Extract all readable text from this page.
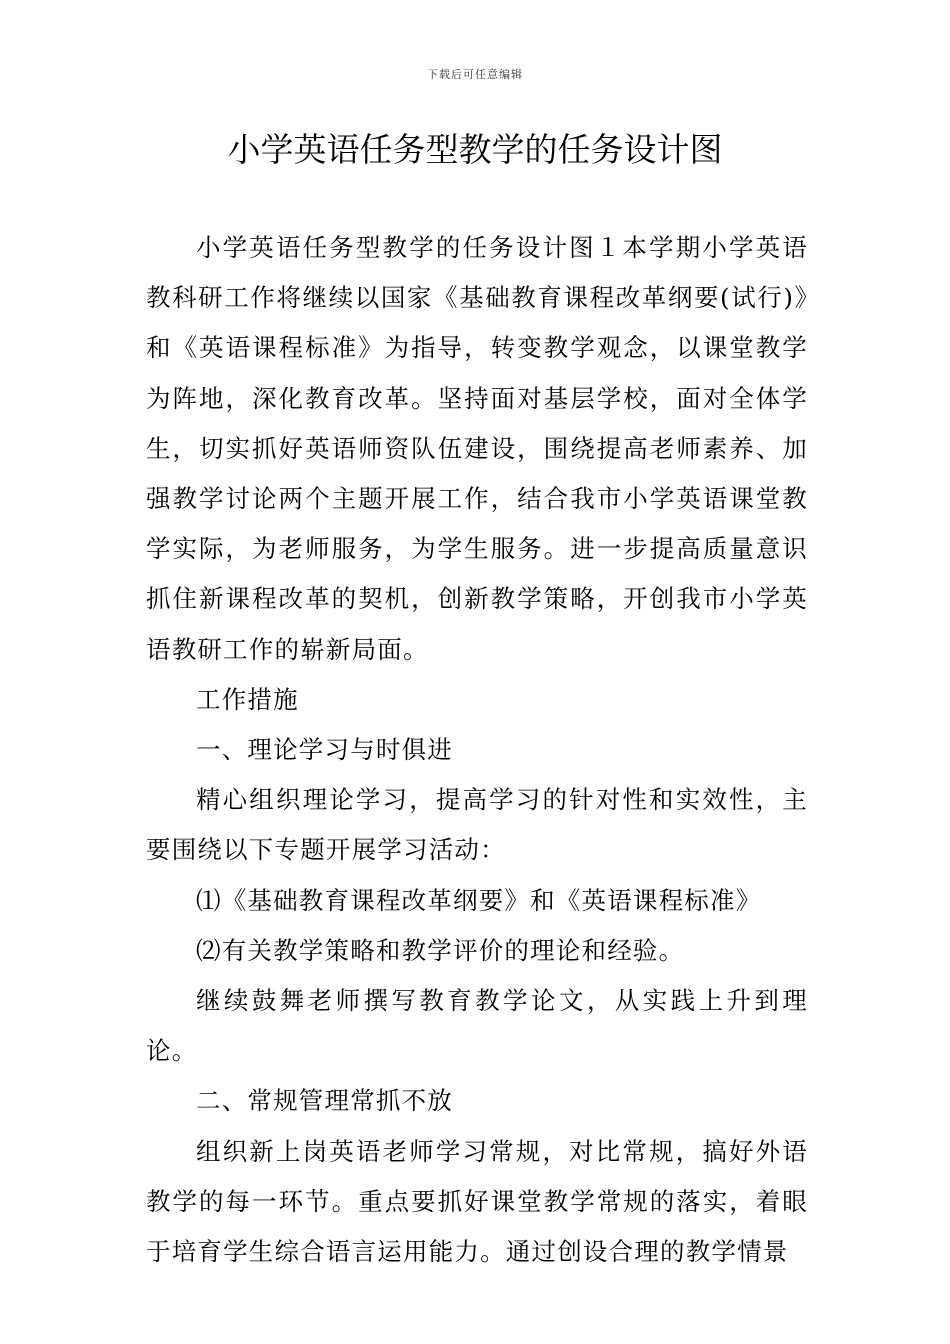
下载后可任意编辑
小学英语任务型教学的任务设计图

小学英语任务型教学的任务设计图１本学期小学英语教科研工作将继续以国家《基础教育课程改革纲要(试行)》和《英语课程标准》为指导，转变教学观念，以课堂教学为阵地，深化教育改革。坚持面对基层学校，面对全体学生，切实抓好英语师资队伍建设，围绕提高老师素养、加强教学讨论两个主题开展工作，结合我市小学英语课堂教学实际，为老师服务，为学生服务。进一步提高质量意识抓住新课程改革的契机，创新教学策略，开创我市小学英语教研工作的崭新局面。

工作措施

一、理论学习与时俱进

精心组织理论学习，提高学习的针对性和实效性，主要围绕以下专题开展学习活动：

⑴《基础教育课程改革纲要》和《英语课程标准》

⑵有关教学策略和教学评价的理论和经验。

继续鼓舞老师撰写教育教学论文，从实践上升到理论。

二、常规管理常抓不放

组织新上岗英语老师学习常规，对比常规，搞好外语教学的每一环节。重点要抓好课堂教学常规的落实，着眼于培育学生综合语言运用能力。通过创设合理的教学情景
